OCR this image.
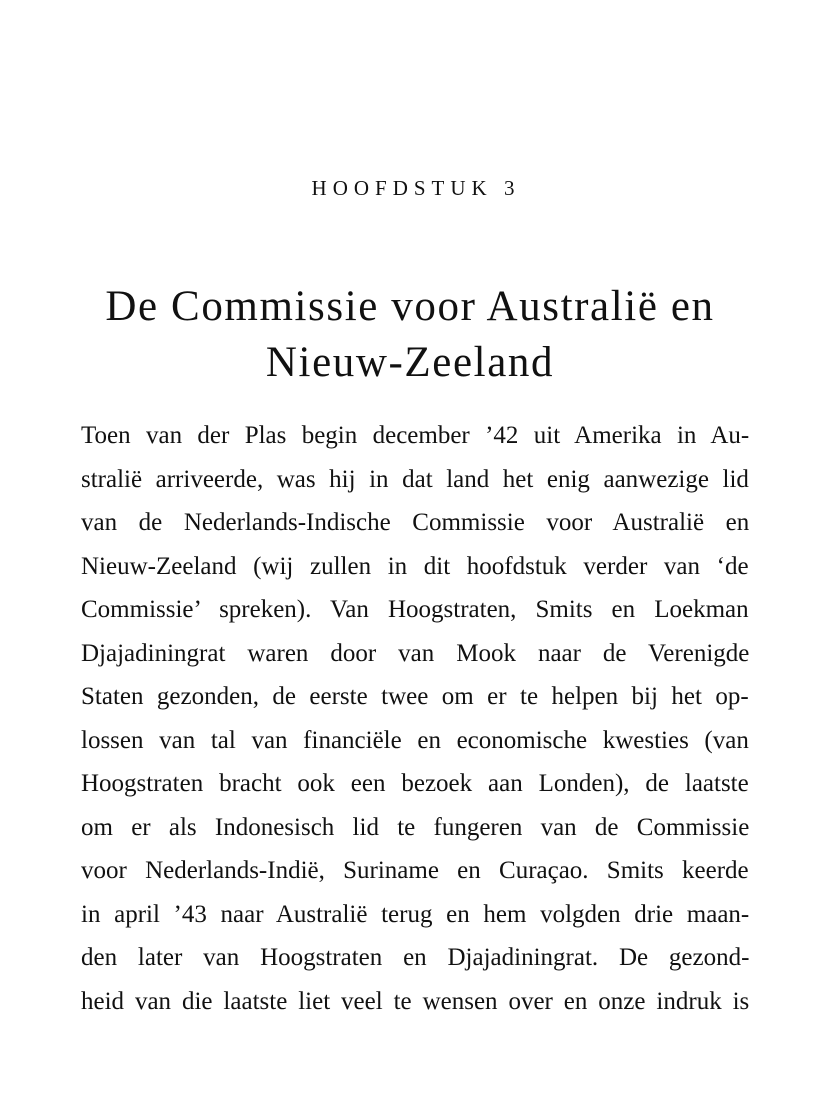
HOOFDSTUK 3
De Commissie voor Australië en
Nieuw-Zeeland
Toen van der Plas begin december ’42 uit Amerika in Au-
stralië arriveerde, was hij in dat land het enig aanwezige lid
van de Nederlands-Indische Commissie voor Australië en
Nieuw-Zeeland (wij zullen in dit hoofdstuk verder van ‘de
Commissie’ spreken). Van Hoogstraten, Smits en Loekman
Djajadiningrat waren door van Mook naar de Verenigde
Staten gezonden, de eerste twee om er te helpen bij het op-
lossen van tal van financiële en economische kwesties (van
Hoogstraten bracht ook een bezoek aan Londen), de laatste
om er als Indonesisch lid te fungeren van de Commissie
voor Nederlands-Indië, Suriname en Curaçao. Smits keerde
in april ’43 naar Australië terug en hem volgden drie maan-
den later van Hoogstraten en Djajadiningrat. De gezond-
heid van die laatste liet veel te wensen over en onze indruk is
